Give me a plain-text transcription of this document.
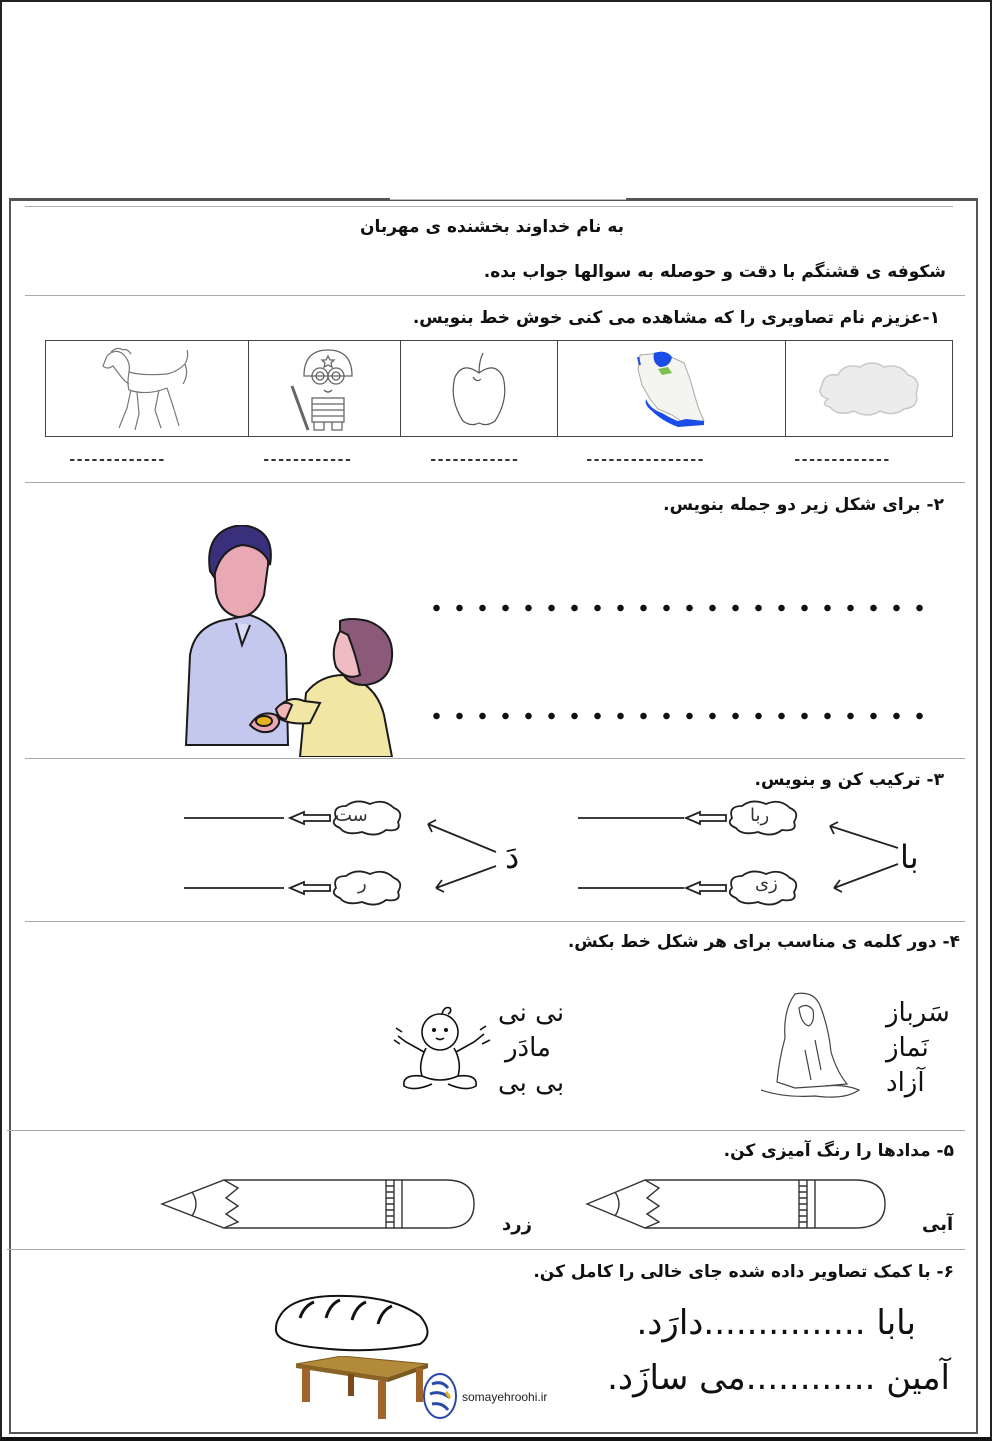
به نام خداوند بخشنده ی مهربان
شکوفه ی قشنگم با دقت و حوصله به سوالها جواب بده.
۱-عزیزم نام تصاویری را که مشاهده می کنی خوش خط بنویس.
-------------	------------	------------	----------------	-------------
۲- برای شکل زیر دو جمله بنویس.
۳- ترکیب کن و بنویس.
ست
ر
ربا
زی
با
دَ
۴- دور کلمه ی مناسب برای هر شکل خط بکش.
سَرباز
نَماز
آزاد
نی نی
مادَر
بی بی
۵- مدادها را رنگ آمیزی کن.
آبی
زرد
۶- با کمک تصاویر داده شده جای خالی را کامل کن.
بابا ...............دارَد.
آمین ............می سازَد.
somayehroohi.ir
